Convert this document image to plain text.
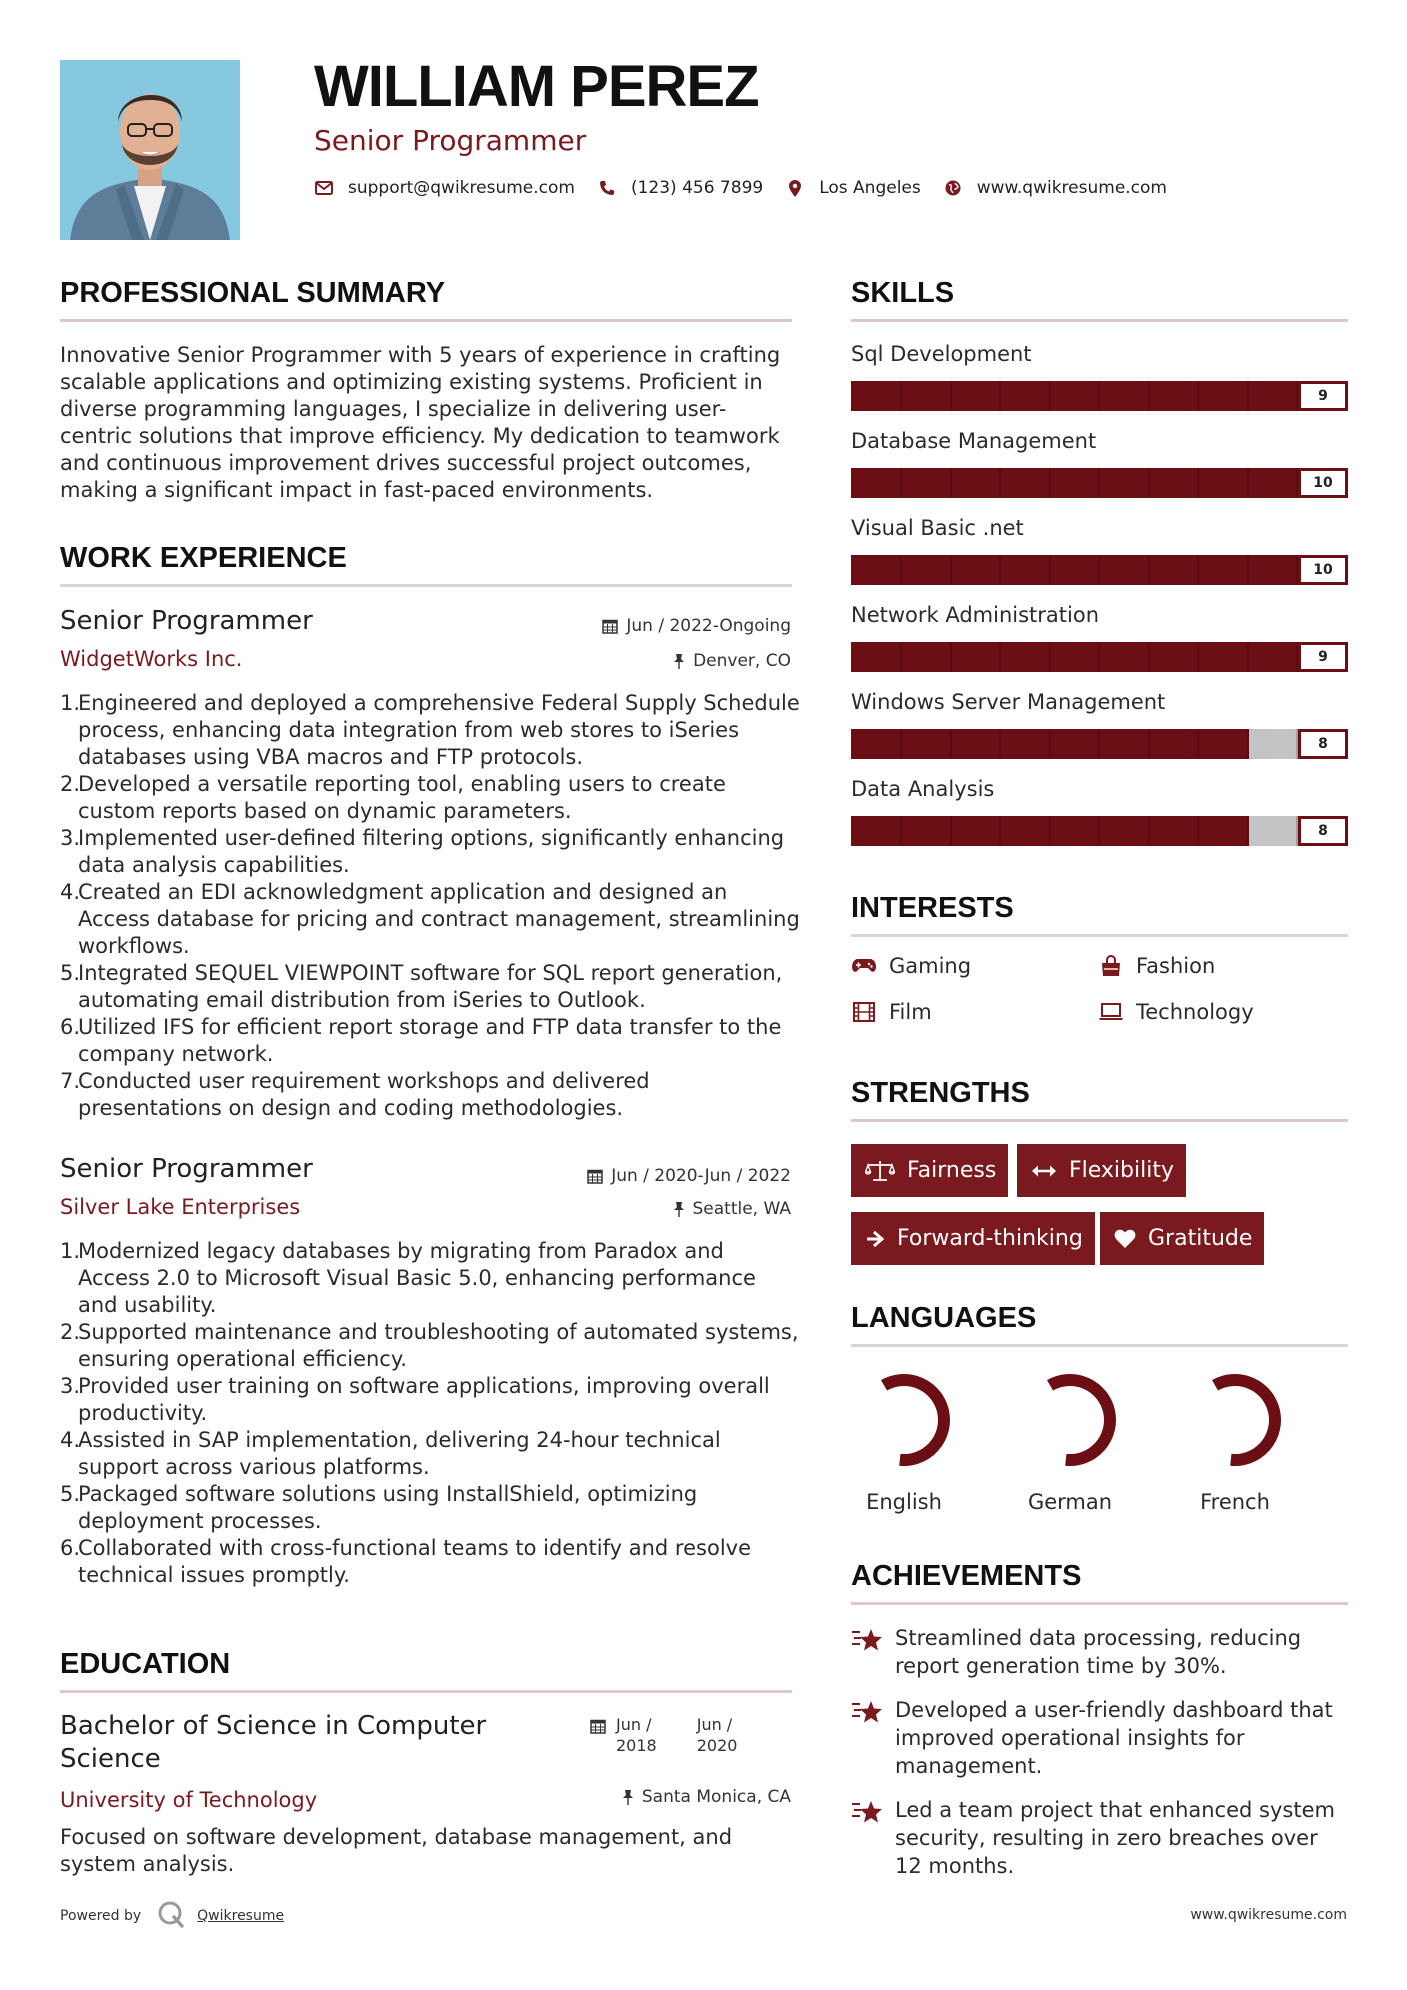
WILLIAM PEREZ
Senior Programmer
support@qwikresume.com	(123) 456 7899	Los Angeles	www.qwikresume.com
PROFESSIONAL SUMMARY
Innovative Senior Programmer with 5 years of experience in crafting scalable applications and optimizing existing systems. Proficient in diverse programming languages, I specialize in delivering user-centric solutions that improve efficiency. My dedication to teamwork and continuous improvement drives successful project outcomes, making a significant impact in fast-paced environments.
WORK EXPERIENCE
Senior Programmer	Jun / 2022-Ongoing
WidgetWorks Inc.	Denver, CO
1.
Engineered and deployed a comprehensive Federal Supply Schedule process, enhancing data integration from web stores to iSeries databases using VBA macros and FTP protocols.
2.
Developed a versatile reporting tool, enabling users to create custom reports based on dynamic parameters.
3.
Implemented user-defined filtering options, significantly enhancing data analysis capabilities.
4.
Created an EDI acknowledgment application and designed an Access database for pricing and contract management, streamlining workflows.
5.
Integrated SEQUEL VIEWPOINT software for SQL report generation, automating email distribution from iSeries to Outlook.
6.
Utilized IFS for efficient report storage and FTP data transfer to the company network.
7.
Conducted user requirement workshops and delivered presentations on design and coding methodologies.
Senior Programmer	Jun / 2020-Jun / 2022
Silver Lake Enterprises	Seattle, WA
1.
Modernized legacy databases by migrating from Paradox and Access 2.0 to Microsoft Visual Basic 5.0, enhancing performance and usability.
2.
Supported maintenance and troubleshooting of automated systems, ensuring operational efficiency.
3.
Provided user training on software applications, improving overall productivity.
4.
Assisted in SAP implementation, delivering 24-hour technical support across various platforms.
5.
Packaged software solutions using InstallShield, optimizing deployment processes.
6.
Collaborated with cross-functional teams to identify and resolve technical issues promptly.
EDUCATION
Bachelor of Science in Computer Science
Jun /
2018
Jun /
2020
University of Technology	Santa Monica, CA
Focused on software development, database management, and system analysis.
Powered by	Qwikresume	www.qwikresume.com
SKILLS
Sql Development
9
Database Management
10
Visual Basic .net
10
Network Administration
9
Windows Server Management
8
Data Analysis
8
INTERESTS
Gaming	Fashion
Film	Technology
STRENGTHS
Fairness	Flexibility
Forward-thinking	Gratitude
LANGUAGES
English	German	French
ACHIEVEMENTS
Streamlined data processing, reducing report generation time by 30%.
Developed a user-friendly dashboard that improved operational insights for management.
Led a team project that enhanced system security, resulting in zero breaches over 12 months.
